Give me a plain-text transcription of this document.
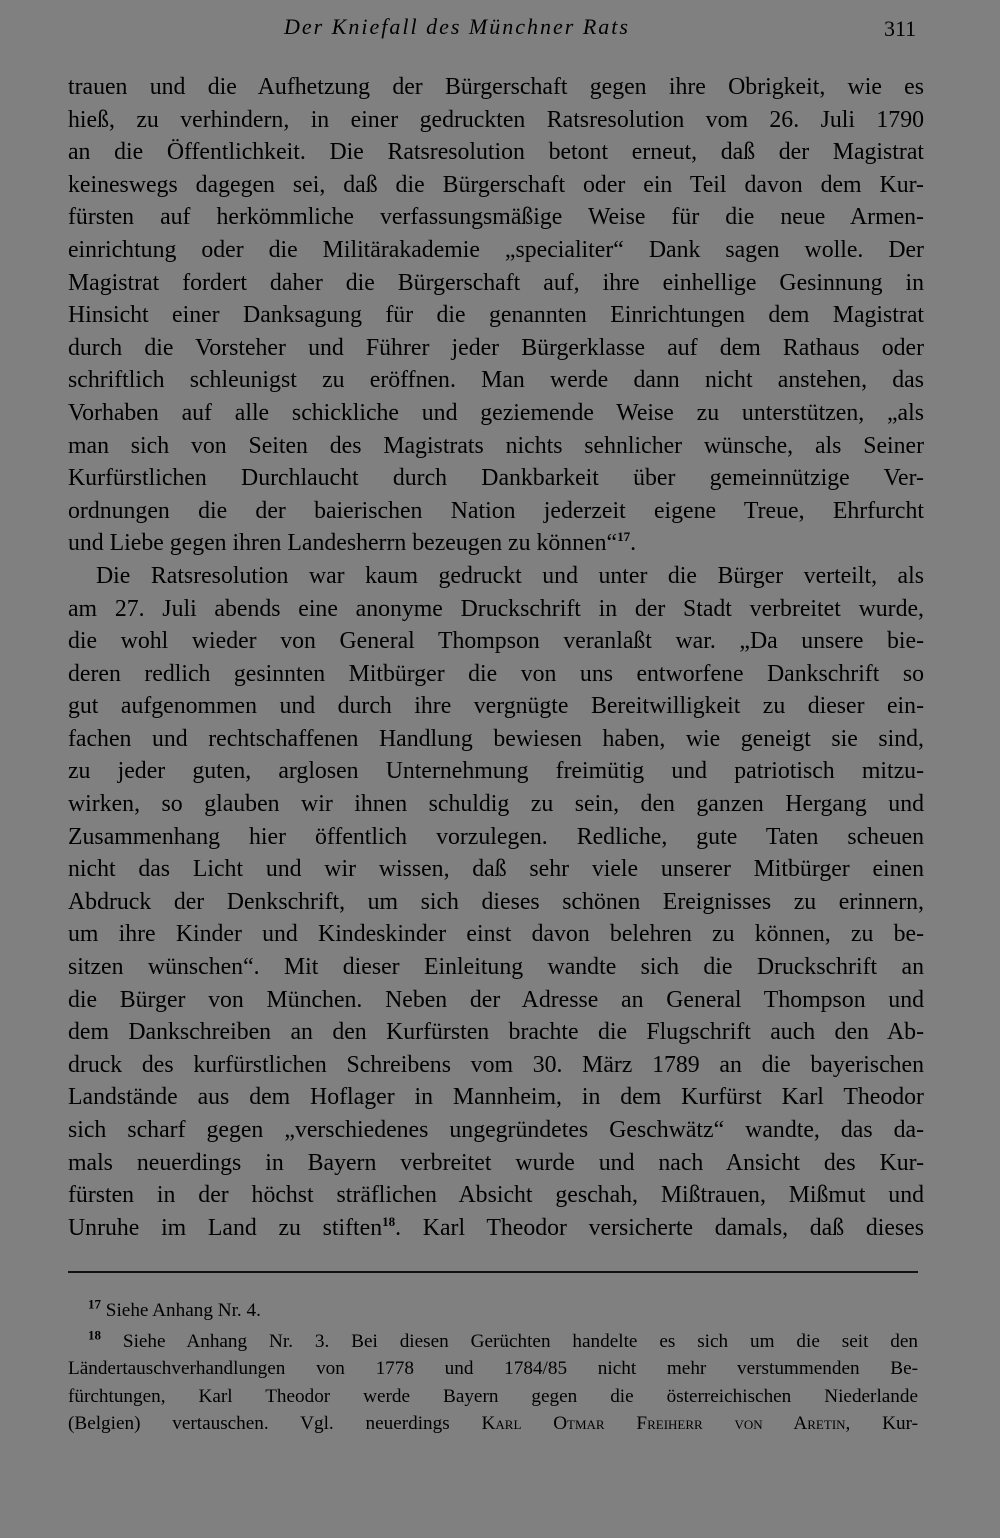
Der Kniefall des Münchner Rats	311

trauen und die Aufhetzung der Bürgerschaft gegen ihre Obrigkeit, wie es
hieß, zu verhindern, in einer gedruckten Ratsresolution vom 26. Juli 1790
an die Öffentlichkeit. Die Ratsresolution betont erneut, daß der Magistrat
keineswegs dagegen sei, daß die Bürgerschaft oder ein Teil davon dem Kur-
fürsten auf herkömmliche verfassungsmäßige Weise für die neue Armen-
einrichtung oder die Militärakademie „specialiter“ Dank sagen wolle. Der
Magistrat fordert daher die Bürgerschaft auf, ihre einhellige Gesinnung in
Hinsicht einer Danksagung für die genannten Einrichtungen dem Magistrat
durch die Vorsteher und Führer jeder Bürgerklasse auf dem Rathaus oder
schriftlich schleunigst zu eröffnen. Man werde dann nicht anstehen, das
Vorhaben auf alle schickliche und geziemende Weise zu unterstützen, „als
man sich von Seiten des Magistrats nichts sehnlicher wünsche, als Seiner
Kurfürstlichen Durchlaucht durch Dankbarkeit über gemeinnützige Ver-
ordnungen die der baierischen Nation jederzeit eigene Treue, Ehrfurcht
und Liebe gegen ihren Landesherrn bezeugen zu können“$^{17}$.

Die Ratsresolution war kaum gedruckt und unter die Bürger verteilt, als
am 27. Juli abends eine anonyme Druckschrift in der Stadt verbreitet wurde,
die wohl wieder von General Thompson veranlaßt war. „Da unsere bie-
deren redlich gesinnten Mitbürger die von uns entworfene Dankschrift so
gut aufgenommen und durch ihre vergnügte Bereitwilligkeit zu dieser ein-
fachen und rechtschaffenen Handlung bewiesen haben, wie geneigt sie sind,
zu jeder guten, arglosen Unternehmung freimütig und patriotisch mitzu-
wirken, so glauben wir ihnen schuldig zu sein, den ganzen Hergang und
Zusammenhang hier öffentlich vorzulegen. Redliche, gute Taten scheuen
nicht das Licht und wir wissen, daß sehr viele unserer Mitbürger einen
Abdruck der Denkschrift, um sich dieses schönen Ereignisses zu erinnern,
um ihre Kinder und Kindeskinder einst davon belehren zu können, zu be-
sitzen wünschen“. Mit dieser Einleitung wandte sich die Druckschrift an
die Bürger von München. Neben der Adresse an General Thompson und
dem Dankschreiben an den Kurfürsten brachte die Flugschrift auch den Ab-
druck des kurfürstlichen Schreibens vom 30. März 1789 an die bayerischen
Landstände aus dem Hoflager in Mannheim, in dem Kurfürst Karl Theodor
sich scharf gegen „verschiedenes ungegründetes Geschwätz“ wandte, das da-
mals neuerdings in Bayern verbreitet wurde und nach Ansicht des Kur-
fürsten in der höchst sträflichen Absicht geschah, Mißtrauen, Mißmut und
Unruhe im Land zu stiften$^{18}$. Karl Theodor versicherte damals, daß dieses

$^{17}$ Siehe Anhang Nr. 4.
$^{18}$ Siehe Anhang Nr. 3. Bei diesen Gerüchten handelte es sich um die seit den
Ländertauschverhandlungen von 1778 und 1784/85 nicht mehr verstummenden Be-
fürchtungen, Karl Theodor werde Bayern gegen die österreichischen Niederlande
(Belgien) vertauschen. Vgl. neuerdings Karl Otmar Freiherr von Aretin, Kur-
